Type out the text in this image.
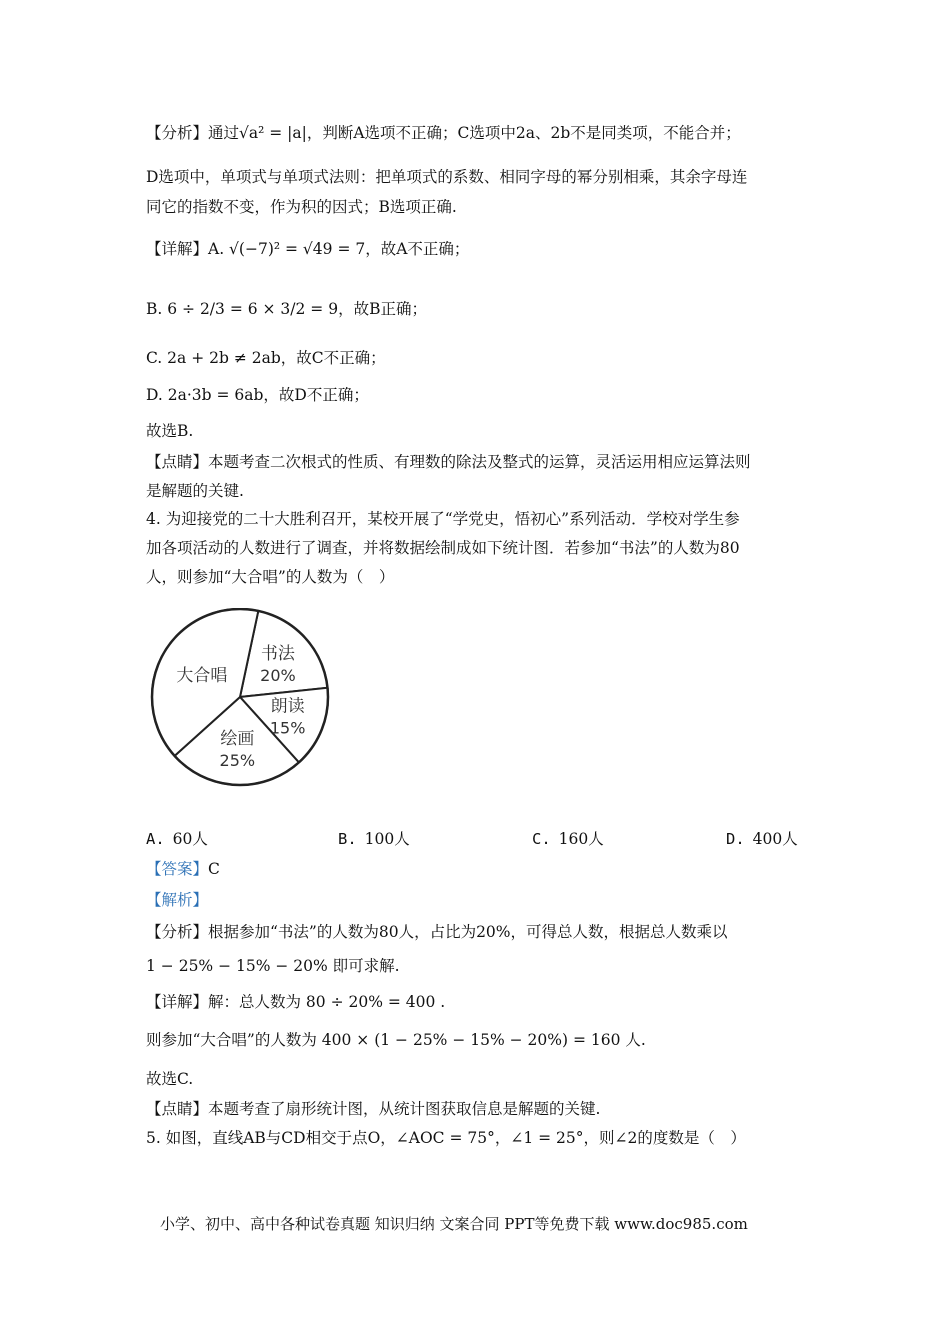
【分析】通过√a² = |a|，判断A选项不正确；C选项中2a、2b不是同类项，不能合并；
D选项中，单项式与单项式法则：把单项式的系数、相同字母的幂分别相乘，其余字母连
同它的指数不变，作为积的因式；B选项正确.
【详解】A. √(−7)² = √49 = 7，故A不正确；
B. 6 ÷ 2/3 = 6 × 3/2 = 9，故B正确；
C. 2a + 2b ≠ 2ab，故C不正确；
D. 2a·3b = 6ab，故D不正确；
故选B.
【点睛】本题考查二次根式的性质、有理数的除法及整式的运算，灵活运用相应运算法则
是解题的关键.
4. 为迎接党的二十大胜利召开，某校开展了“学党史，悟初心”系列活动．学校对学生参
加各项活动的人数进行了调查，并将数据绘制成如下统计图．若参加“书法”的人数为80
人，则参加“大合唱”的人数为（　）
书法
20%
朗读
15%
绘画
25%
大合唱
A. 60人	B. 100人	C. 160人	D. 400人
【答案】C
【解析】
【分析】根据参加“书法”的人数为80人，占比为20%，可得总人数，根据总人数乘以
1 − 25% − 15% − 20% 即可求解.
【详解】解：总人数为 80 ÷ 20% = 400 .
则参加“大合唱”的人数为 400 × (1 − 25% − 15% − 20%) = 160 人.
故选C.
【点睛】本题考查了扇形统计图，从统计图获取信息是解题的关键.
5. 如图，直线AB与CD相交于点O，∠AOC = 75°，∠1 = 25°，则∠2的度数是（　）
小学、初中、高中各种试卷真题 知识归纳 文案合同 PPT等免费下载 www.doc985.com
